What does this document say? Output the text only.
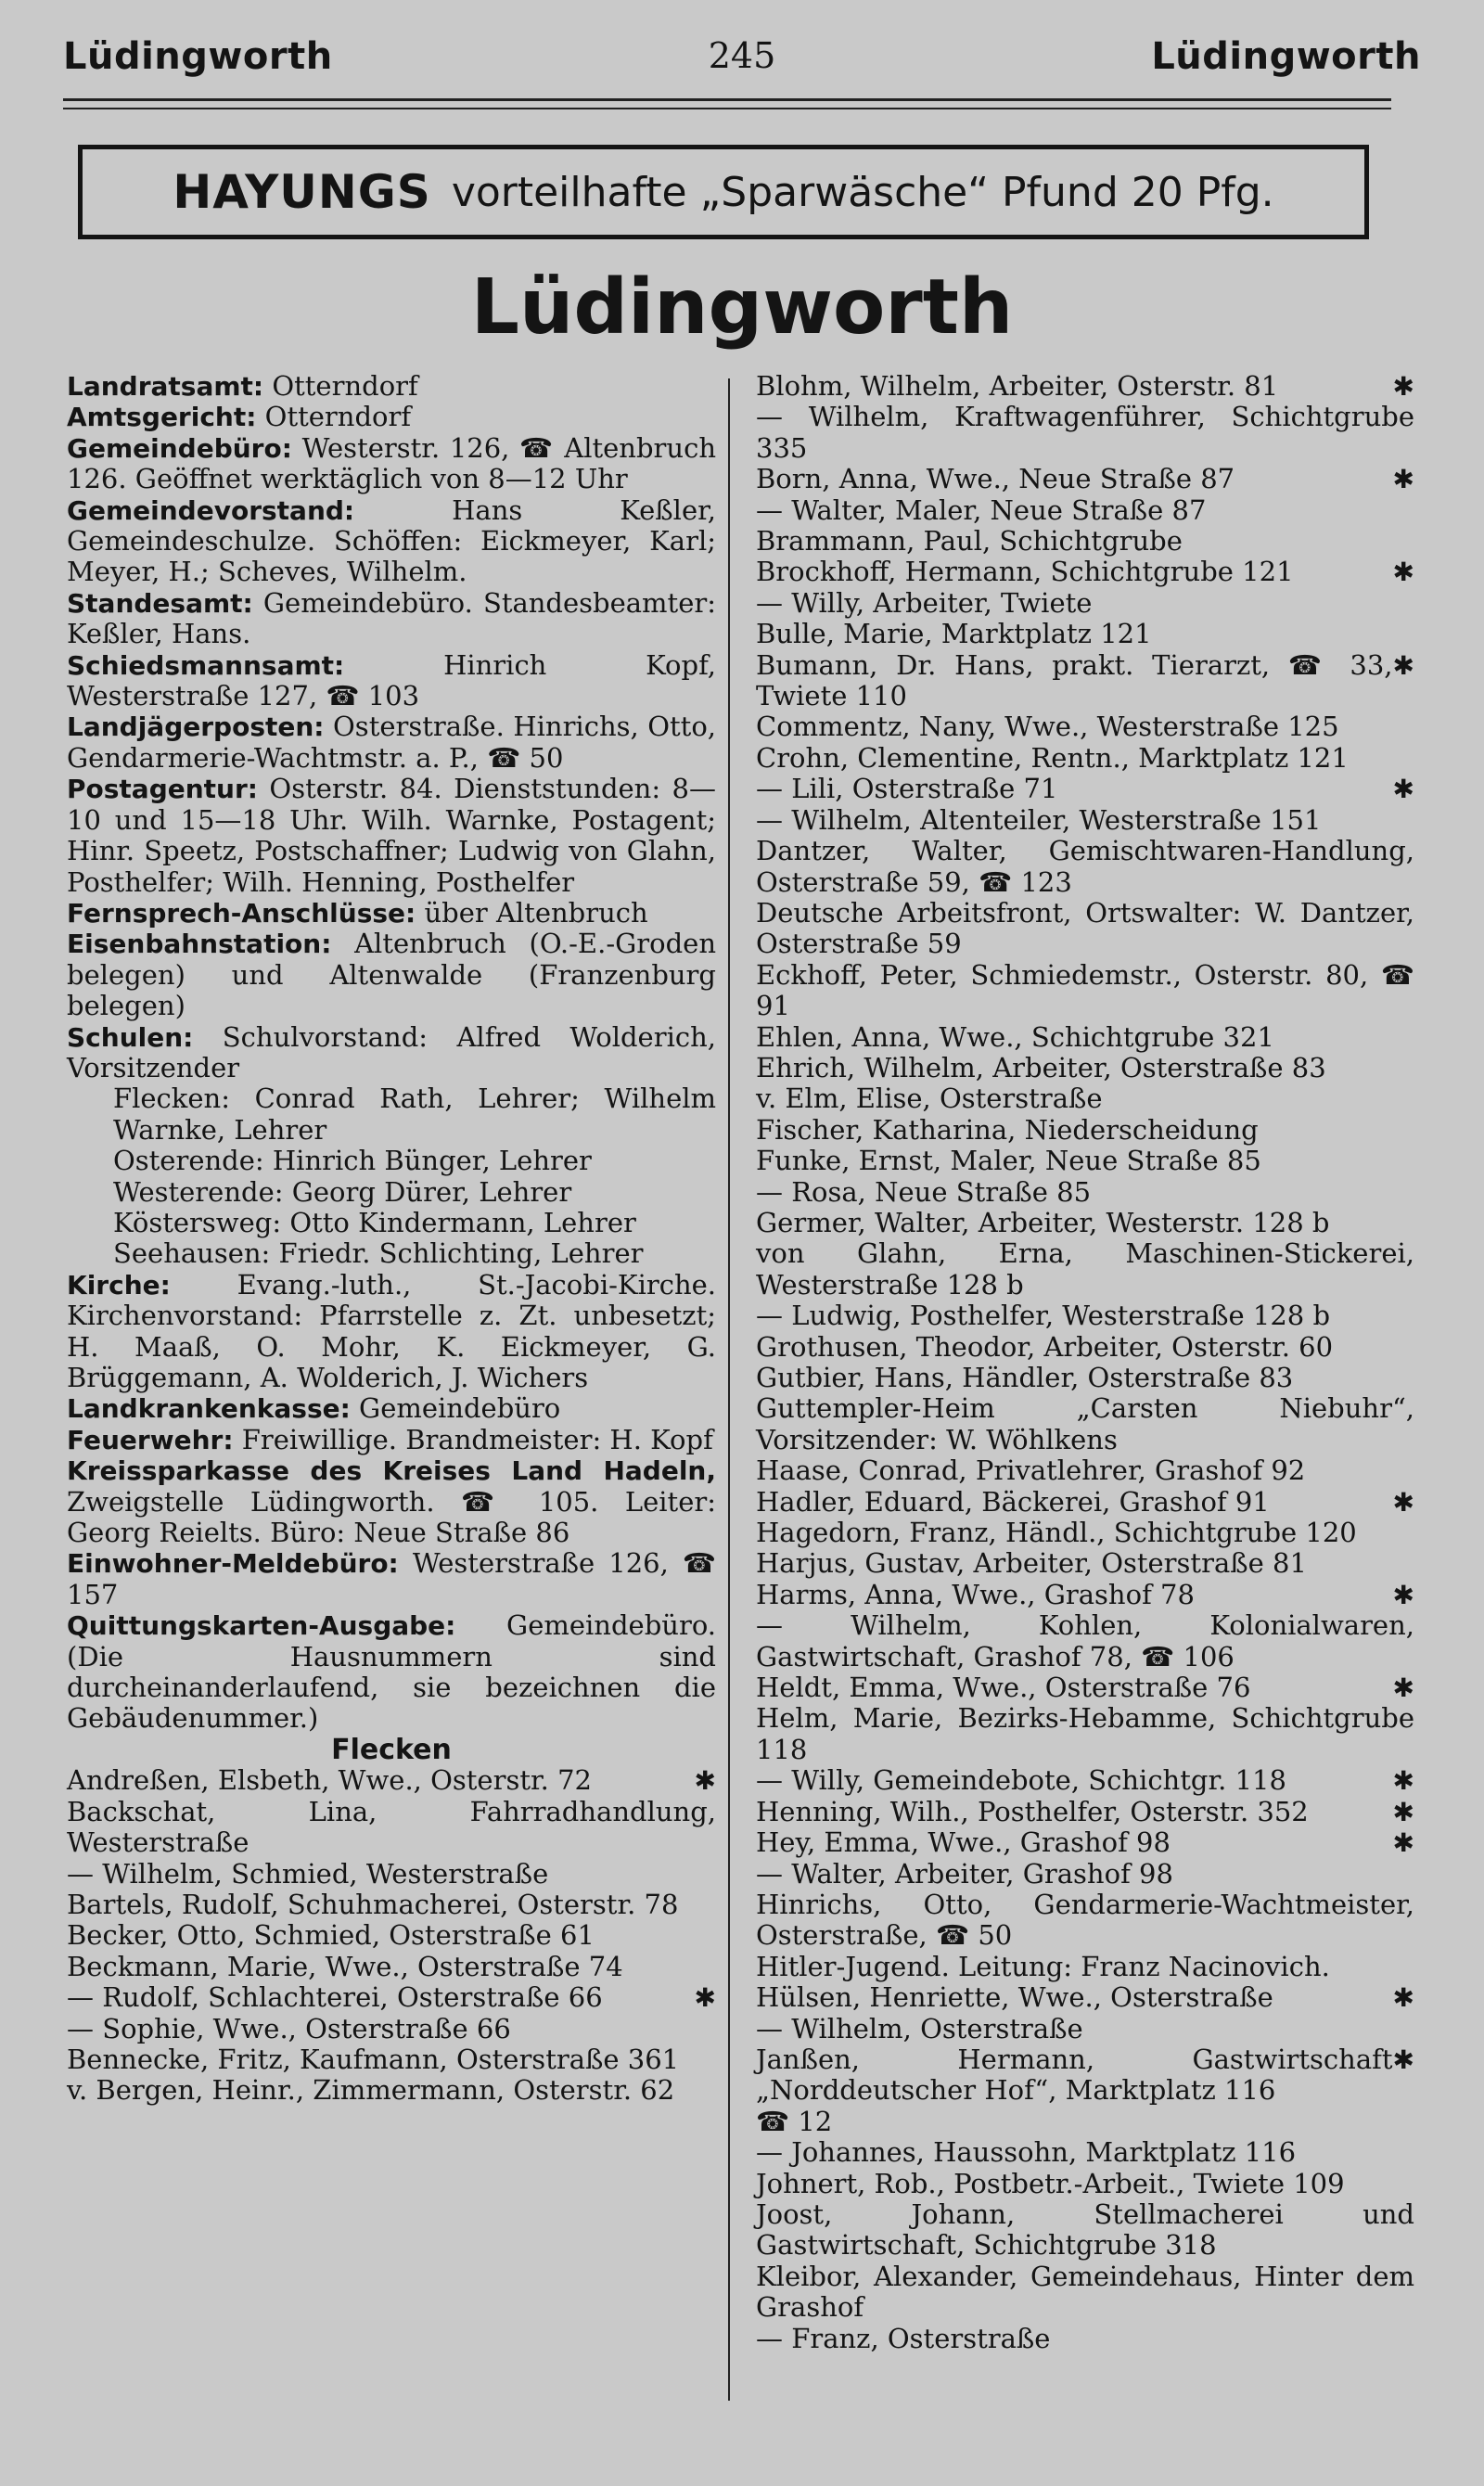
Lüdingworth	245	Lüdingworth
HAYUNGS vorteilhafte „Sparwäsche“ Pfund 20 Pfg.
Lüdingworth
Landratsamt: Otterndorf
Amtsgericht: Otterndorf
Gemeindebüro: Westerstr. 126, ☎ Altenbruch 126. Geöffnet werktäglich von 8—12 Uhr
Gemeindevorstand:	Hans Keßler, Gemeindeschulze. Schöffen: Eickmeyer, Karl; Meyer, H.; Scheves, Wilhelm.
Standesamt: Gemeindebüro. Standesbeamter: Keßler, Hans.
Schiedsmannsamt:	Hinrich Kopf, Westerstraße 127, ☎ 103
Landjägerposten: Osterstraße. Hinrichs, Otto, Gendarmerie-Wachtmstr. a. P., ☎ 50
Postagentur: Osterstr. 84. Dienststunden: 8—10 und 15—18 Uhr. Wilh. Warnke, Postagent; Hinr. Speetz, Postschaffner; Ludwig von Glahn, Posthelfer; Wilh. Henning, Posthelfer
Fernsprech-Anschlüsse: über Altenbruch
Eisenbahnstation: Altenbruch (O.-E.-Groden belegen) und Altenwalde (Franzenburg belegen)
Schulen: Schulvorstand: Alfred Wolderich, Vorsitzender
Flecken: Conrad Rath, Lehrer; Wilhelm Warnke, Lehrer
Osterende: Hinrich Bünger, Lehrer
Westerende: Georg Dürer, Lehrer
Köstersweg: Otto Kindermann, Lehrer
Seehausen: Friedr. Schlichting, Lehrer
Kirche: Evang.-luth., St.-Jacobi-Kirche. Kirchenvorstand: Pfarrstelle z. Zt. unbesetzt; H. Maaß, O. Mohr, K. Eickmeyer, G. Brüggemann, A. Wolderich, J. Wichers
Landkrankenkasse: Gemeindebüro
Feuerwehr: Freiwillige. Brandmeister: H. Kopf
Kreissparkasse des Kreises Land Hadeln, Zweigstelle Lüdingworth. ☎ 105. Leiter: Georg Reielts. Büro: Neue Straße 86
Einwohner-Meldebüro: Westerstraße 126, ☎ 157
Quittungskarten-Ausgabe: Gemeindebüro. (Die Hausnummern sind durcheinanderlaufend, sie bezeichnen die Gebäudenummer.)
Flecken
✱
Andreßen, Elsbeth, Wwe., Osterstr. 72
Backschat, Lina, Fahrradhandlung, Westerstraße
— Wilhelm, Schmied, Westerstraße
Bartels, Rudolf, Schuhmacherei, Osterstr. 78
Becker, Otto, Schmied, Osterstraße 61
Beckmann, Marie, Wwe., Osterstraße 74
✱
— Rudolf, Schlachterei, Osterstraße 66
— Sophie, Wwe., Osterstraße 66
Bennecke, Fritz, Kaufmann, Osterstraße 361
v. Bergen, Heinr., Zimmermann, Osterstr. 62
✱
Blohm, Wilhelm, Arbeiter, Osterstr. 81
— Wilhelm, Kraftwagenführer, Schichtgrube 335
✱
Born, Anna, Wwe., Neue Straße 87
— Walter, Maler, Neue Straße 87
Brammann, Paul, Schichtgrube
✱
Brockhoff, Hermann, Schichtgrube 121
— Willy, Arbeiter, Twiete
Bulle, Marie, Marktplatz 121
✱
Bumann, Dr. Hans, prakt. Tierarzt, ☎ 33, Twiete 110
Commentz, Nany, Wwe., Westerstraße 125
Crohn, Clementine, Rentn., Marktplatz 121
✱
— Lili, Osterstraße 71
— Wilhelm, Altenteiler, Westerstraße 151
Dantzer, Walter, Gemischtwaren-Handlung, Osterstraße 59, ☎ 123
Deutsche Arbeitsfront, Ortswalter: W. Dantzer, Osterstraße 59
Eckhoff, Peter, Schmiedemstr., Osterstr. 80, ☎ 91
Ehlen, Anna, Wwe., Schichtgrube 321
Ehrich, Wilhelm, Arbeiter, Osterstraße 83
v. Elm, Elise, Osterstraße
Fischer, Katharina, Niederscheidung
Funke, Ernst, Maler, Neue Straße 85
— Rosa, Neue Straße 85
Germer, Walter, Arbeiter, Westerstr. 128 b
von Glahn, Erna, Maschinen-Stickerei, Westerstraße 128 b
— Ludwig, Posthelfer, Westerstraße 128 b
Grothusen, Theodor, Arbeiter, Osterstr. 60
Gutbier, Hans, Händler, Osterstraße 83
Guttempler-Heim „Carsten Niebuhr“, Vorsitzender: W. Wöhlkens
Haase, Conrad, Privatlehrer, Grashof 92
✱
Hadler, Eduard, Bäckerei, Grashof 91
Hagedorn, Franz, Händl., Schichtgrube 120
Harjus, Gustav, Arbeiter, Osterstraße 81
✱
Harms, Anna, Wwe., Grashof 78
— Wilhelm, Kohlen, Kolonialwaren, Gastwirtschaft, Grashof 78, ☎ 106
✱
Heldt, Emma, Wwe., Osterstraße 76
Helm, Marie, Bezirks-Hebamme, Schichtgrube 118
✱
— Willy, Gemeindebote, Schichtgr. 118
✱
Henning, Wilh., Posthelfer, Osterstr. 352
✱
Hey, Emma, Wwe., Grashof 98
— Walter, Arbeiter, Grashof 98
Hinrichs, Otto, Gendarmerie-Wachtmeister, Osterstraße, ☎ 50
Hitler-Jugend. Leitung: Franz Nacinovich.
✱
Hülsen, Henriette, Wwe., Osterstraße
— Wilhelm, Osterstraße
✱
Janßen, Hermann, Gastwirtschaft „Norddeutscher Hof“, Marktplatz 116
☎ 12
— Johannes, Haussohn, Marktplatz 116
Johnert, Rob., Postbetr.-Arbeit., Twiete 109
Joost, Johann, Stellmacherei und Gastwirtschaft, Schichtgrube 318
Kleibor, Alexander, Gemeindehaus, Hinter dem Grashof
— Franz, Osterstraße
